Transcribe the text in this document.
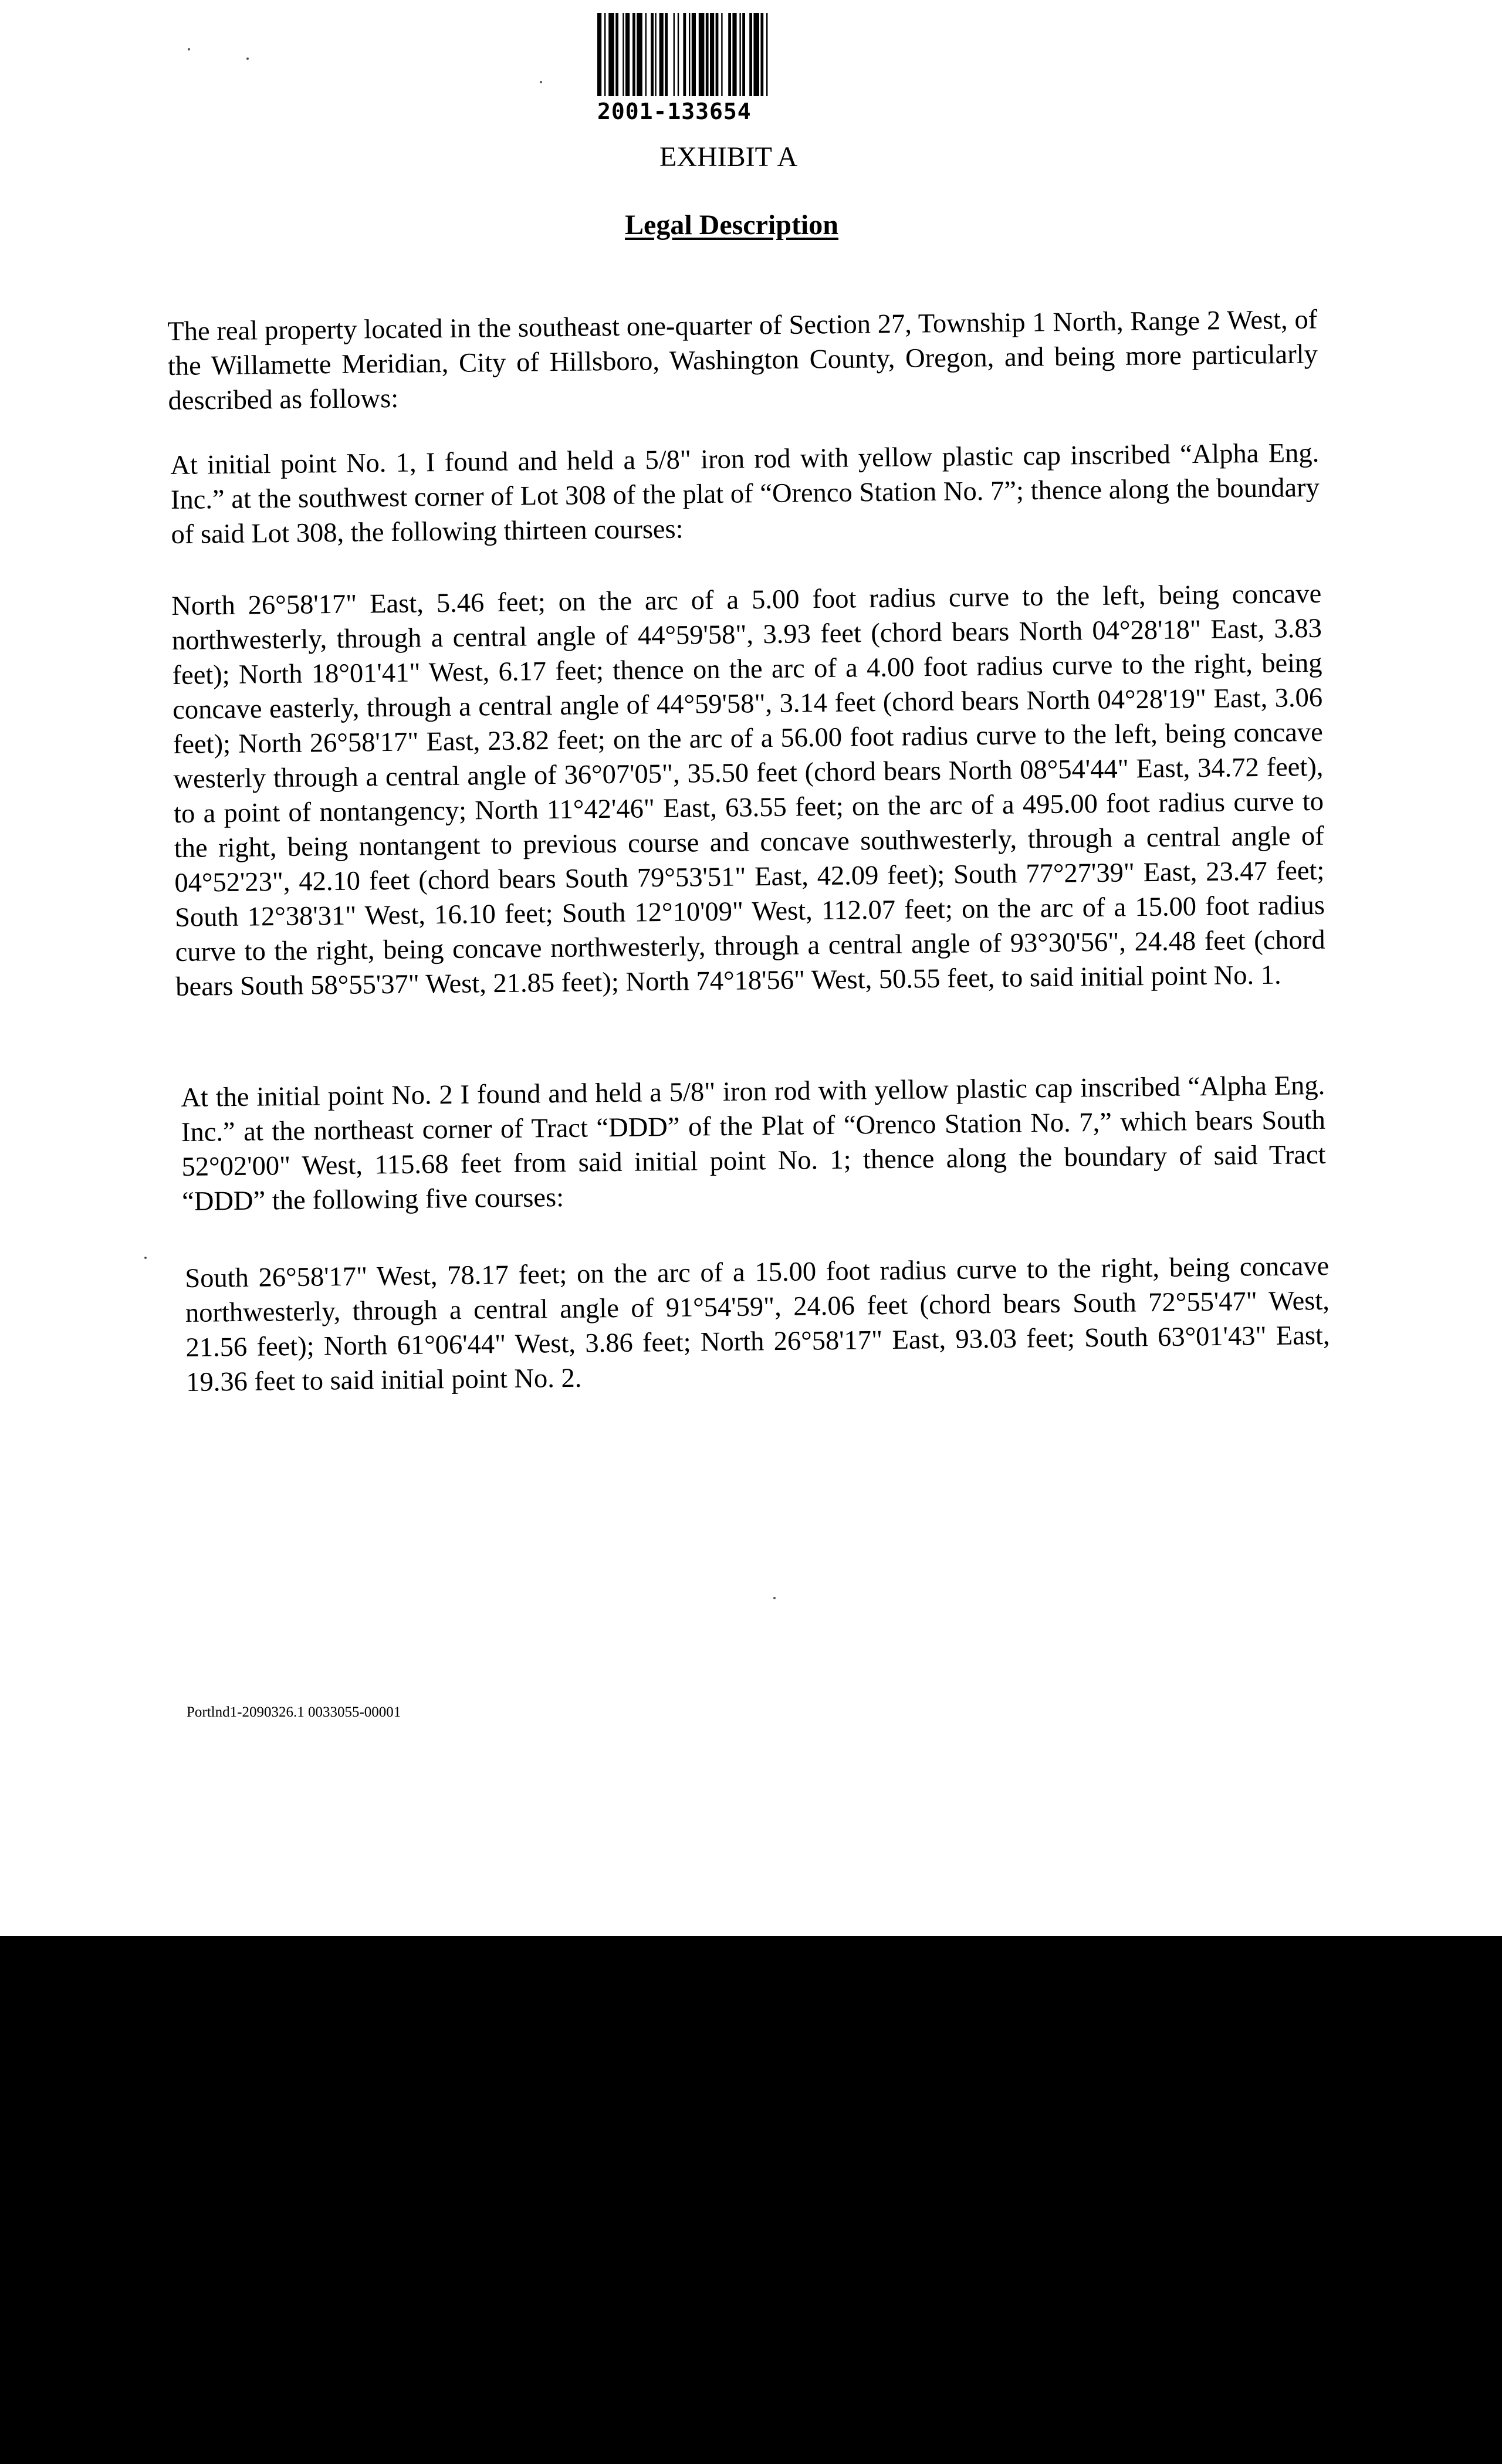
2001-133654
EXHIBIT A
Legal Description

The real property located in the southeast one-quarter of Section 27, Township 1 North, Range 2 West, of the Willamette Meridian, City of Hillsboro, Washington County, Oregon, and being more particularly described as follows:

At initial point No. 1, I found and held a 5/8" iron rod with yellow plastic cap inscribed “Alpha Eng. Inc.” at the southwest corner of Lot 308 of the plat of “Orenco Station No. 7”; thence along the boundary of said Lot 308, the following thirteen courses:

North 26°58'17" East, 5.46 feet; on the arc of a 5.00 foot radius curve to the left, being concave northwesterly, through a central angle of 44°59'58", 3.93 feet (chord bears North 04°28'18" East, 3.83 feet); North 18°01'41" West, 6.17 feet; thence on the arc of a 4.00 foot radius curve to the right, being concave easterly, through a central angle of 44°59'58", 3.14 feet (chord bears North 04°28'19" East, 3.06 feet); North 26°58'17" East, 23.82 feet; on the arc of a 56.00 foot radius curve to the left, being concave westerly through a central angle of 36°07'05", 35.50 feet (chord bears North 08°54'44" East, 34.72 feet), to a point of nontangency; North 11°42'46" East, 63.55 feet; on the arc of a 495.00 foot radius curve to the right, being nontangent to previous course and concave southwesterly, through a central angle of 04°52'23", 42.10 feet (chord bears South 79°53'51" East, 42.09 feet); South 77°27'39" East, 23.47 feet; South 12°38'31" West, 16.10 feet; South 12°10'09" West, 112.07 feet; on the arc of a 15.00 foot radius curve to the right, being concave northwesterly, through a central angle of 93°30'56", 24.48 feet (chord bears South 58°55'37" West, 21.85 feet); North 74°18'56" West, 50.55 feet, to said initial point No. 1.

At the initial point No. 2 I found and held a 5/8" iron rod with yellow plastic cap inscribed “Alpha Eng. Inc.” at the northeast corner of Tract “DDD” of the Plat of “Orenco Station No. 7,” which bears South 52°02'00" West, 115.68 feet from said initial point No. 1; thence along the boundary of said Tract “DDD” the following five courses:

South 26°58'17" West, 78.17 feet; on the arc of a 15.00 foot radius curve to the right, being concave northwesterly, through a central angle of 91°54'59", 24.06 feet (chord bears South 72°55'47" West, 21.56 feet); North 61°06'44" West, 3.86 feet; North 26°58'17" East, 93.03 feet; South 63°01'43" East, 19.36 feet to said initial point No. 2.

Portlnd1-2090326.1 0033055-00001
